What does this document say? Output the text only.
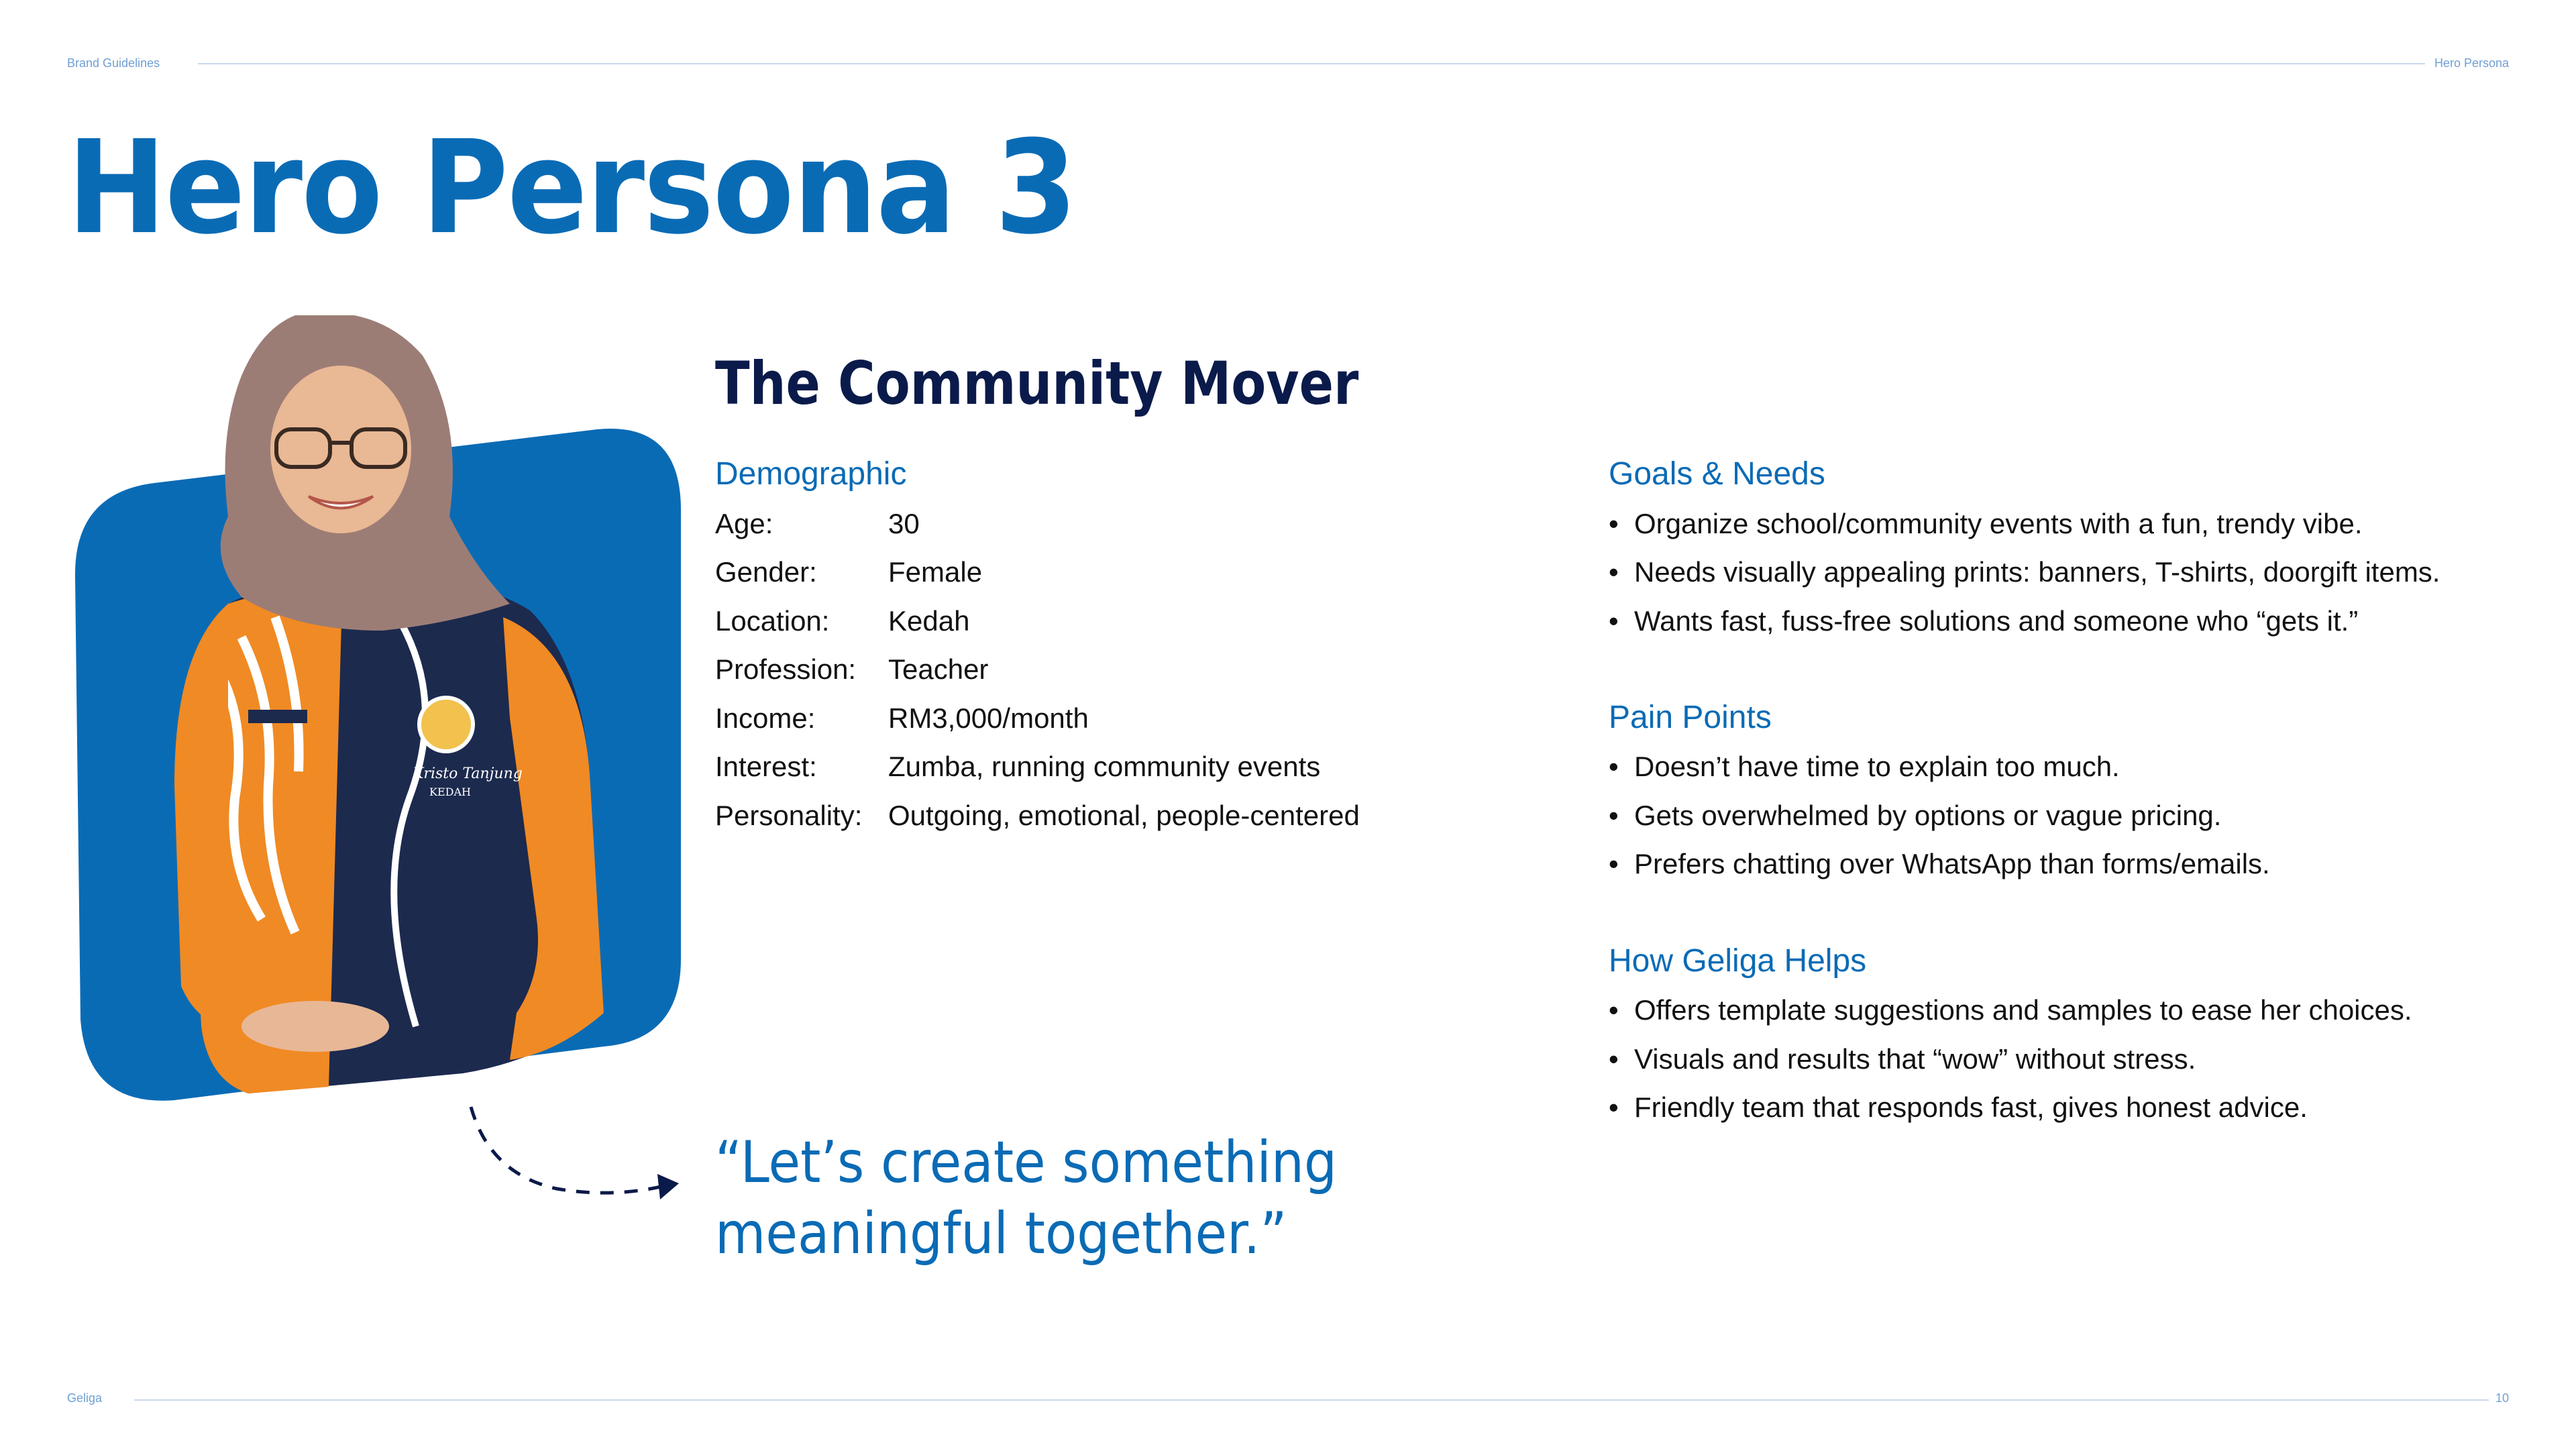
Brand Guidelines	Hero Persona
Hero Persona 3
Kristo Tanjung
KEDAH
The Community Mover
Demographic
Age:	30
Gender:	Female
Location: Kedah
Profession: Teacher
Income:	RM3,000/month
Interest:	Zumba, running community events
Personality: Outgoing, emotional, people-centered
Goals & Needs
• Organize school/community events with a fun, trendy vibe.
• Needs visually appealing prints: banners, T-shirts, doorgift items.
• Wants fast, fuss-free solutions and someone who “gets it.”
Pain Points
• Doesn’t have time to explain too much.
• Gets overwhelmed by options or vague pricing.
• Prefers chatting over WhatsApp than forms/emails.
How Geliga Helps
• Offers template suggestions and samples to ease her choices.
• Visuals and results that “wow” without stress.
• Friendly team that responds fast, gives honest advice.
“Let’s create something
meaningful together.”
Geliga	10
